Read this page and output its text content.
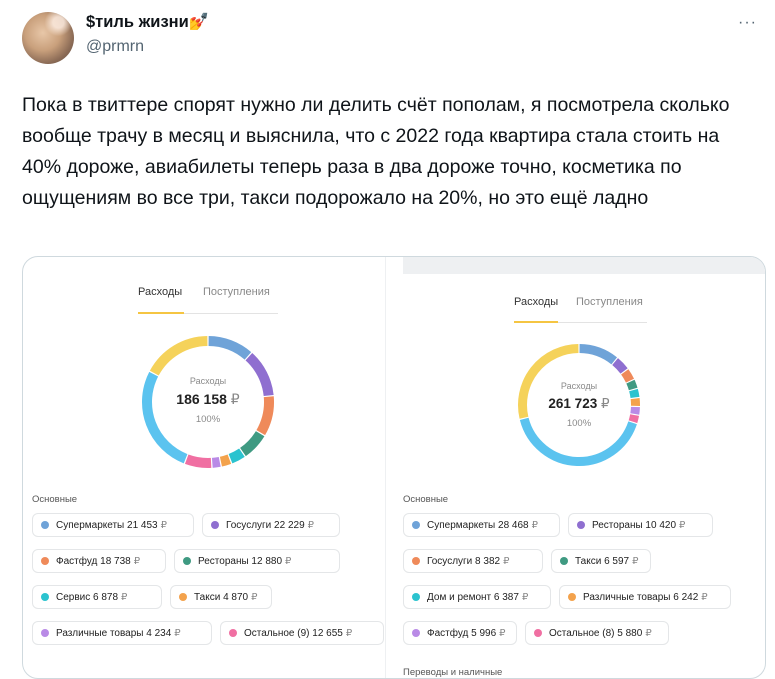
$тиль жизни💅
@prmrn
···
Пока в твиттере спорят нужно ли делить счёт пополам, я посмотрела сколько вообще трачу в месяц и выяснила, что с 2022 года квартира стала стоить на 40% дороже, авиабилеты теперь раза в два дороже точно, косметика по ощущениям во все три, такси подорожало на 20%, но это ещё ладно
Расходы Поступления
Расходы
186 158 ₽
100%
Основные
Супермаркеты 21 453 ₽	Госуслуги 22 229 ₽
Фастфуд 18 738 ₽	Рестораны 12 880 ₽
Сервис 6 878 ₽	Такси 4 870 ₽
Различные товары 4 234 ₽	Остальное (9) 12 655 ₽
Расходы Поступления
Расходы
261 723 ₽
100%
Основные
Супермаркеты 28 468 ₽	Рестораны 10 420 ₽
Госуслуги 8 382 ₽	Такси 6 597 ₽
Дом и ремонт 6 387 ₽	Различные товары 6 242 ₽
Фастфуд 5 996 ₽	Остальное (8) 5 880 ₽
Переводы и наличные
